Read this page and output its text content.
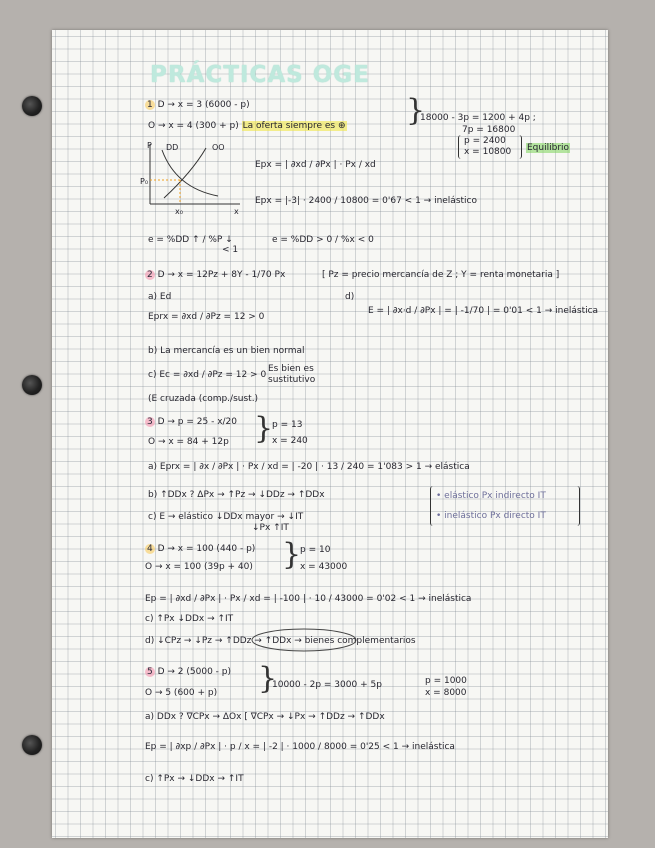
PRÁCTICAS OGE
1 D → x = 3 (6000 - p)
O → x = 4 (300 + p) La oferta siempre es ⊕ }
18000 - 3p = 1200 + 4p ;
7p = 16800
p = 2400
x = 10800 Equilibrio
P DD	OO
P₀
x₀	x
Epx = | ∂xd / ∂Px | · Px / xd
Epx = |-3| · 2400 / 10800 = 0'67 < 1 → inelástico
e = %DD ↑ / %P ↓
< 1
e = %DD > 0 / %x < 0
2 D → x = 12Pz + 8Y - 1/70 Px	[ Pz = precio mercancía de Z ; Y = renta monetaria ]
a) Ed
Eprx = ∂xd / ∂Pz = 12 > 0
d)
E = | ∂x·d / ∂Px | = | -1/70 | = 0'01 < 1 → inelástica
b) La mercancía es un bien normal
c) Ec = ∂xd / ∂Pz = 12 > 0
Es bien es
sustitutivo
(E cruzada (comp./sust.)
3 D → p = 25 - x/20
O → x = 84 + 12p }
p = 13
x = 240
a) Eprx = | ∂x / ∂Px | · Px / xd = | -20 | · 13 / 240 = 1'083 > 1 → elástica
b) ↑DDx ? ΔPx → ↑Pz → ↓DDz → ↑DDx
c) E → elástico ↓DDx mayor → ↓IT
↓Px ↑IT
• elástico Px indirecto IT
• inelástico Px directo IT
4 D → x = 100 (440 - p)
O → x = 100 (39p + 40) }
p = 10
x = 43000
Ep = | ∂xd / ∂Px | · Px / xd = | -100 | · 10 / 43000 = 0'02 < 1 → inelástica
c) ↑Px ↓DDx → ↑IT
d) ↓CPz → ↓Pz → ↑DDz → ↑DDx → bienes complementarios
5 D → 2 (5000 - p)
O → 5 (600 + p) }
10000 - 2p = 3000 + 5p	p = 1000
x = 8000
a) DDx ? ∇CPx → ΔOx [ ∇CPx → ↓Px → ↑DDz → ↑DDx
Ep = | ∂xp / ∂Px | · p / x = | -2 | · 1000 / 8000 = 0'25 < 1 → inelástica
c) ↑Px → ↓DDx → ↑IT
